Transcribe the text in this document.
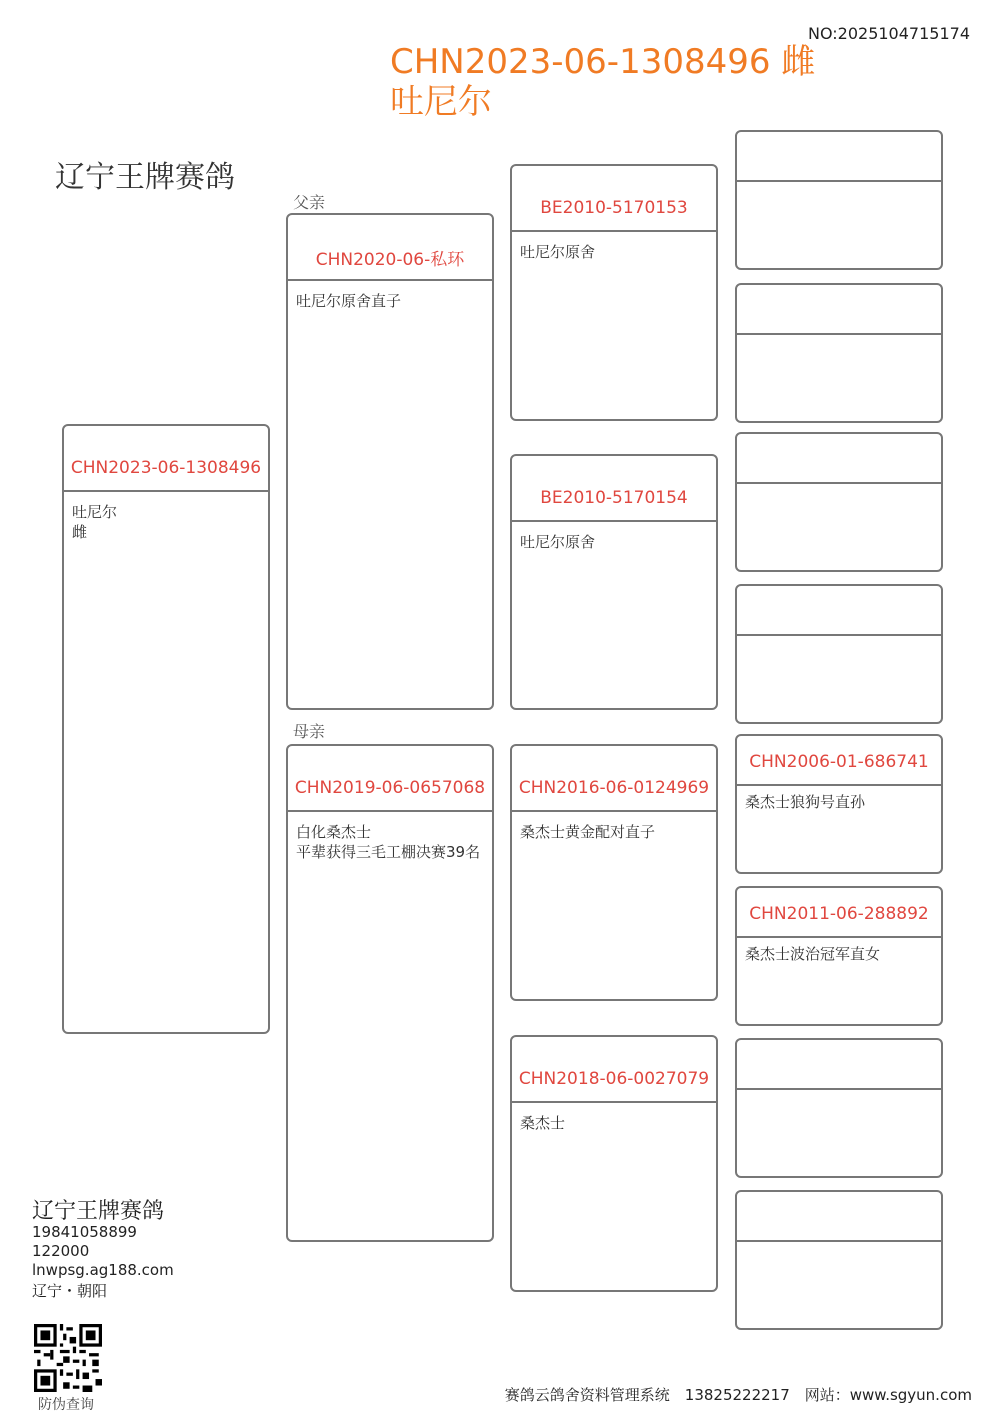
NO:2025104715174
CHN2023-06-1308496 雌
吐尼尔
辽宁王牌赛鸽
CHN2023-06-1308496
吐尼尔
雌
父亲
CHN2020-06-私环
吐尼尔原舍直子
母亲
CHN2019-06-0657068
白化桑杰士
平辈获得三毛工棚决赛39名
BE2010-5170153
吐尼尔原舍
BE2010-5170154
吐尼尔原舍
CHN2016-06-0124969
桑杰士黄金配对直子
CHN2018-06-0027079
桑杰士
CHN2006-01-686741
桑杰士狼狗号直孙
CHN2011-06-288892
桑杰士波治冠军直女
辽宁王牌赛鸽
19841058899
122000
lnwpsg.ag188.com
辽宁・朝阳
防伪查询
赛鸽云鸽舍资料管理系统　13825222217　网站：www.sgyun.com
